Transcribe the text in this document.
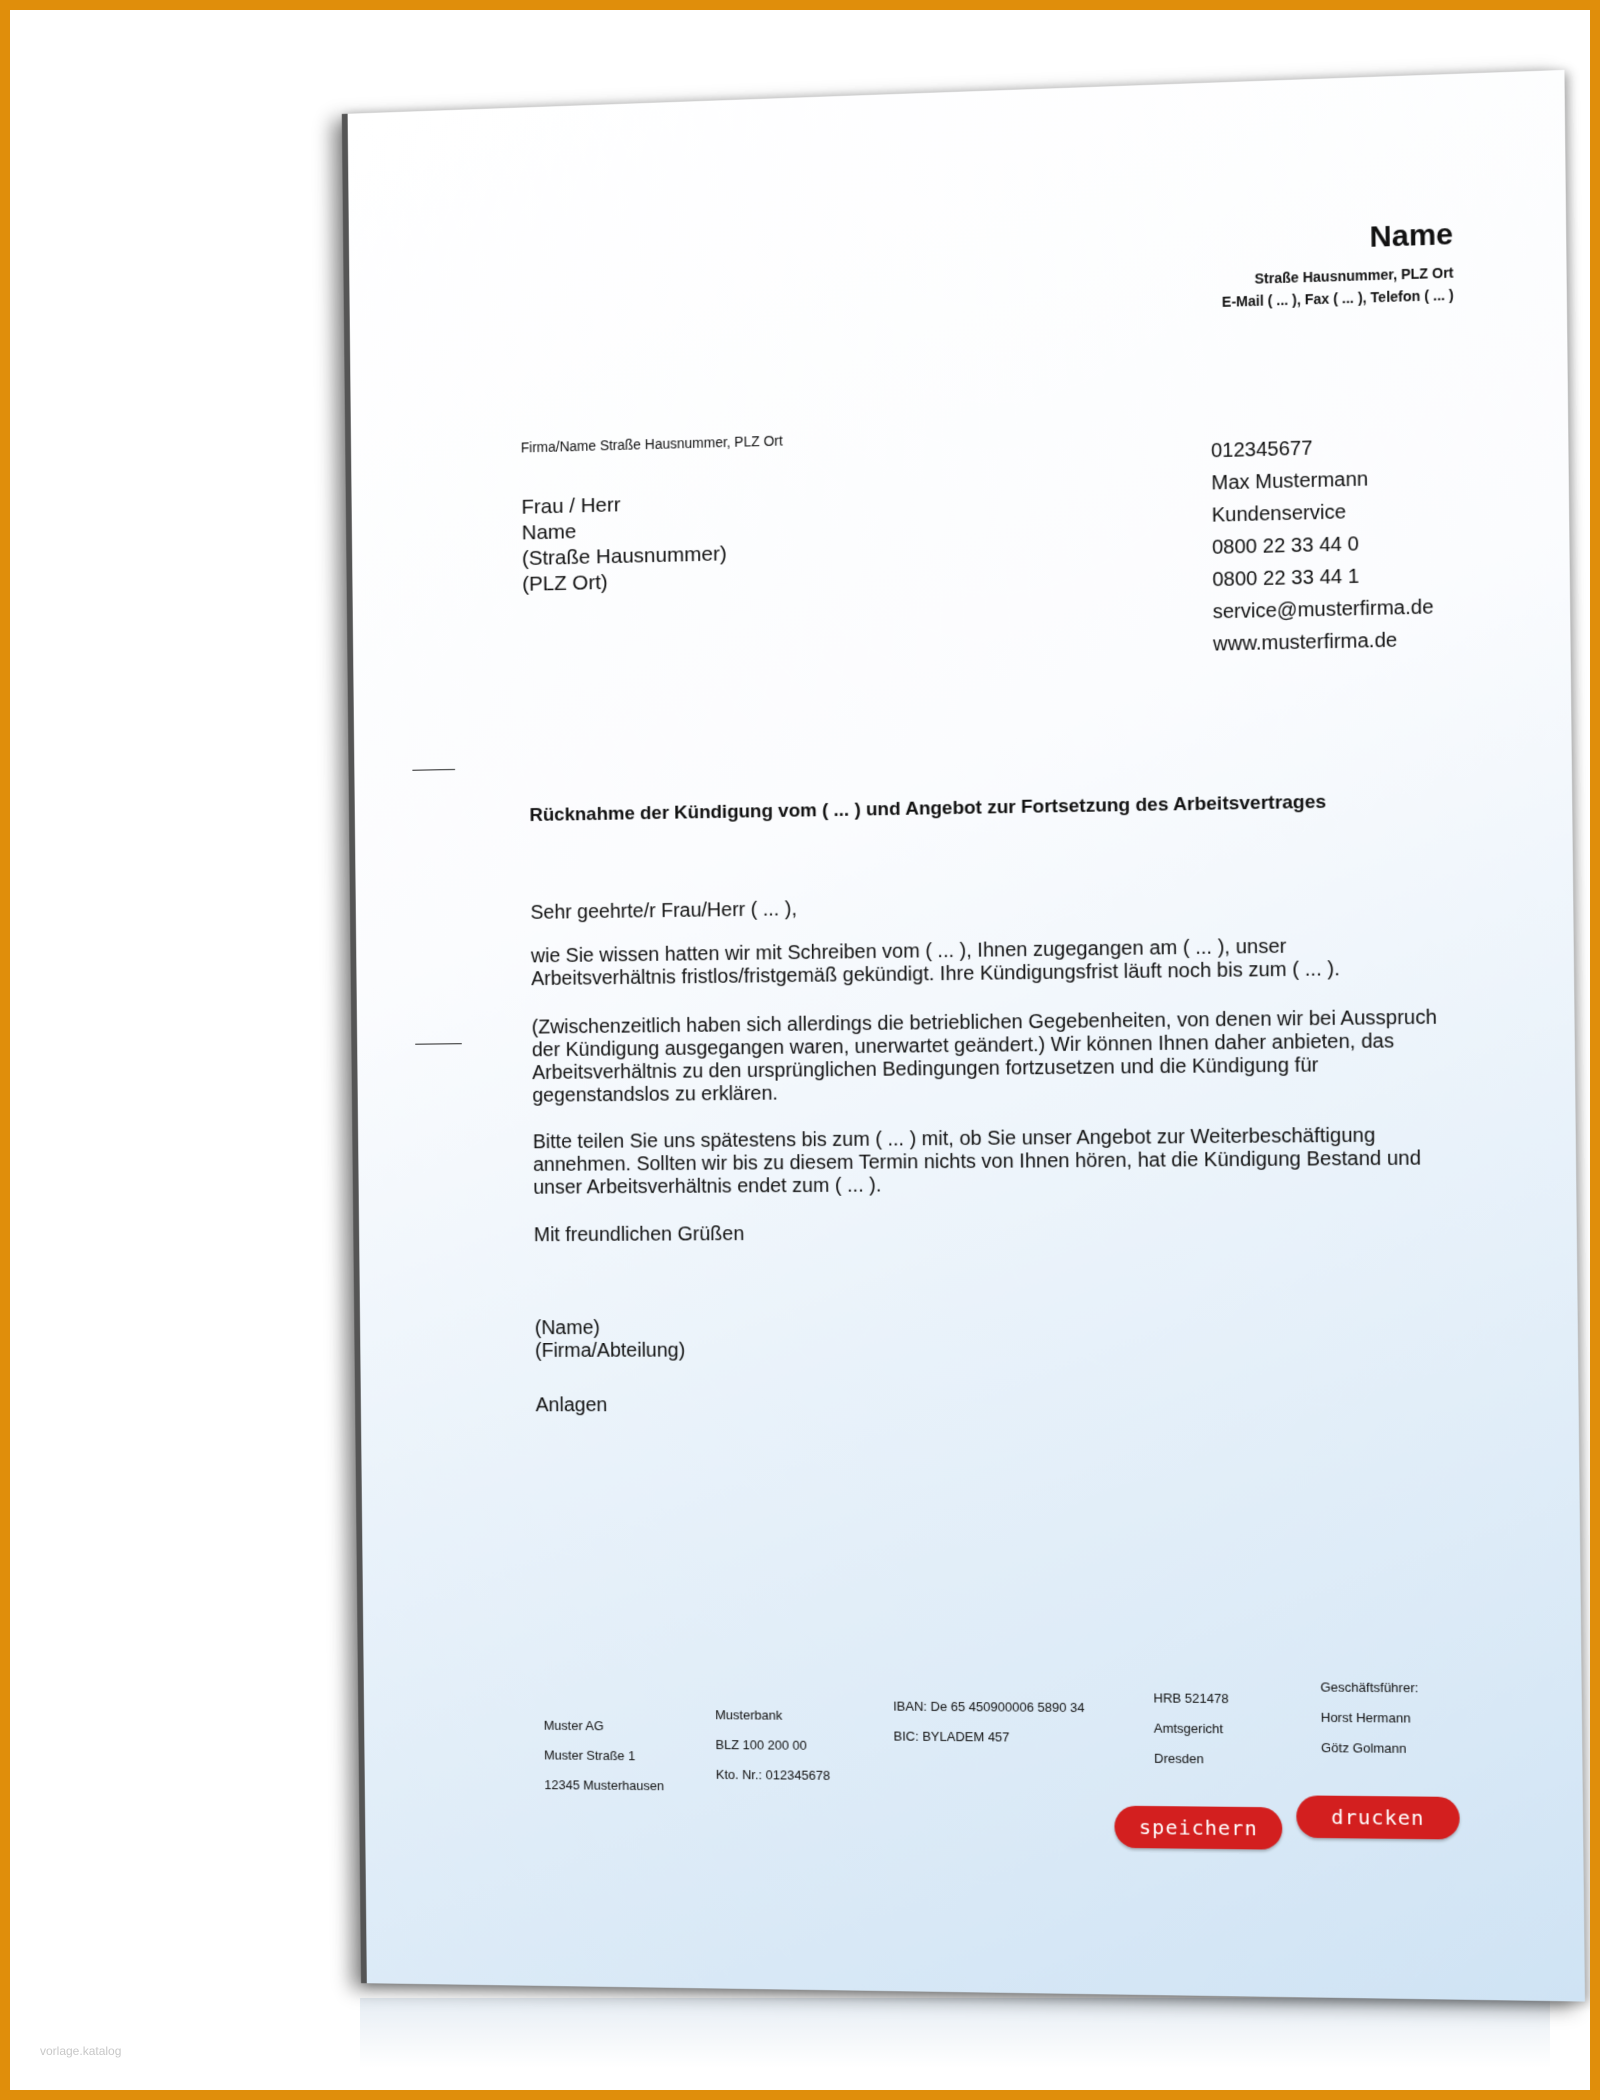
Name
Straße Hausnummer, PLZ Ort
E-Mail ( ... ), Fax ( ... ), Telefon ( ... )
Firma/Name Straße Hausnummer, PLZ Ort
Frau / Herr
Name
(Straße Hausnummer)
(PLZ Ort)
012345677
Max Mustermann
Kundenservice
0800 22 33 44 0
0800 22 33 44 1
service@musterfirma.de
www.musterfirma.de
Rücknahme der Kündigung vom ( ... ) und Angebot zur Fortsetzung des Arbeitsvertrages
Sehr geehrte/r Frau/Herr ( ... ),
wie Sie wissen hatten wir mit Schreiben vom ( ... ), Ihnen zugegangen am ( ... ), unser Arbeitsverhältnis fristlos/fristgemäß gekündigt. Ihre Kündigungsfrist läuft noch bis zum ( ... ).
(Zwischenzeitlich haben sich allerdings die betrieblichen Gegebenheiten, von denen wir bei Ausspruch der Kündigung ausgegangen waren, unerwartet geändert.) Wir können Ihnen daher anbieten, das Arbeitsverhältnis zu den ursprünglichen Bedingungen fortzusetzen und die Kündigung für gegenstandslos zu erklären.
Bitte teilen Sie uns spätestens bis zum ( ... ) mit, ob Sie unser Angebot zur Weiterbeschäftigung annehmen. Sollten wir bis zu diesem Termin nichts von Ihnen hören, hat die Kündigung Bestand und unser Arbeitsverhältnis endet zum ( ... ).
Mit freundlichen Grüßen
(Name)
(Firma/Abteilung)
Anlagen
Muster AG
Muster Straße 1
12345 Musterhausen
Musterbank
BLZ 100 200 00
Kto. Nr.: 012345678
IBAN: De 65 450900006 5890 34
BIC: BYLADEM 457
HRB 521478
Amtsgericht
Dresden
Geschäftsführer:
Horst Hermann
Götz Golmann
speichern	drucken
vorlage.katalog
